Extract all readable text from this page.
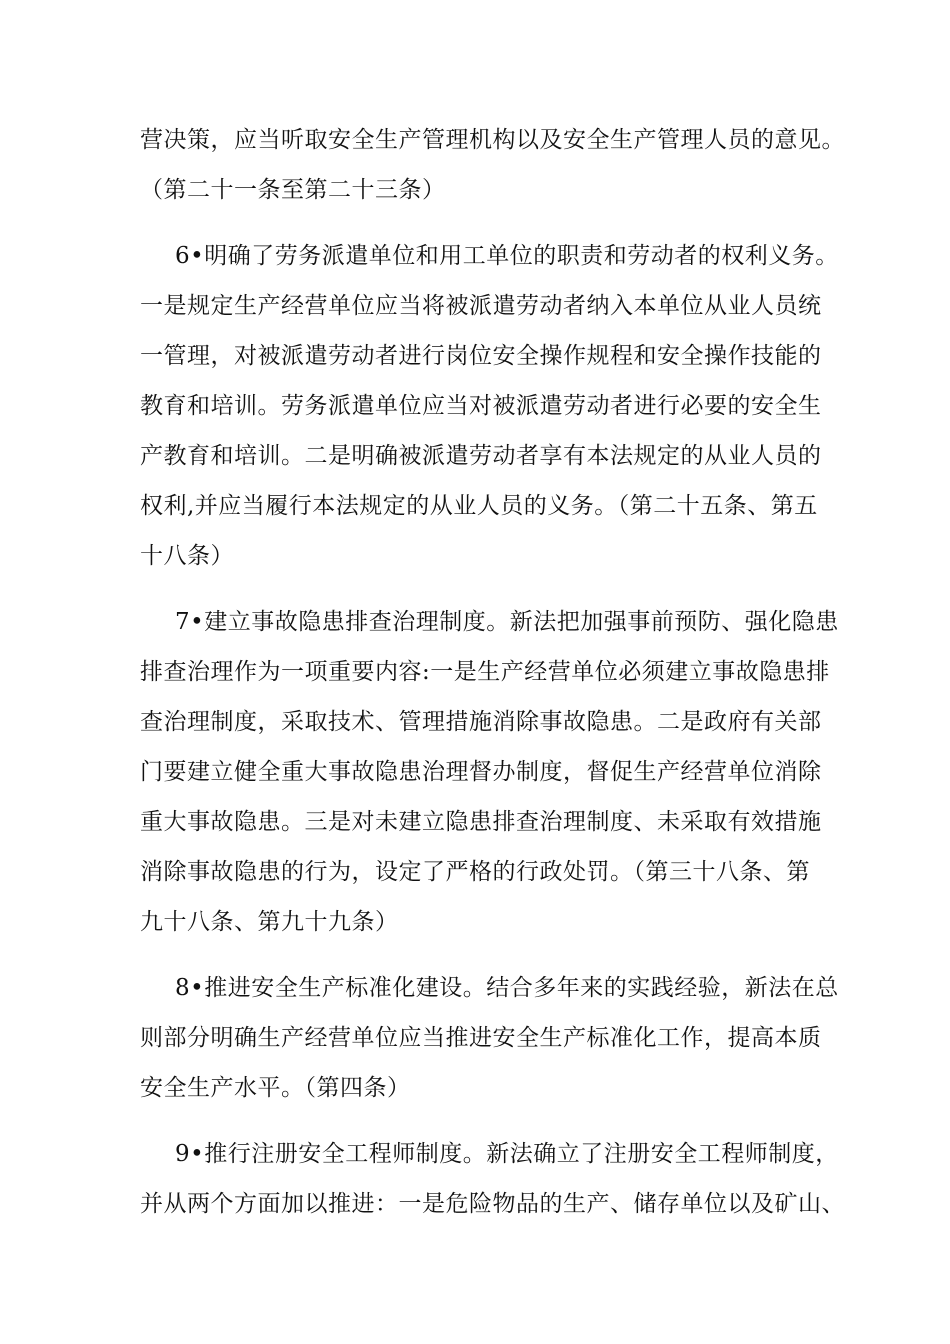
营决策，应当听取安全生产管理机构以及安全生产管理人员的意见。
（第二十一条至第二十三条）
6•明确了劳务派遣单位和用工单位的职责和劳动者的权利义务。
一是规定生产经营单位应当将被派遣劳动者纳入本单位从业人员统
一管理，对被派遣劳动者进行岗位安全操作规程和安全操作技能的
教育和培训。劳务派遣单位应当对被派遣劳动者进行必要的安全生
产教育和培训。二是明确被派遣劳动者享有本法规定的从业人员的
权利,并应当履行本法规定的从业人员的义务。（第二十五条、第五
十八条）
7•建立事故隐患排查治理制度。新法把加强事前预防、强化隐患
排查治理作为一项重要内容:一是生产经营单位必须建立事故隐患排
查治理制度，采取技术、管理措施消除事故隐患。二是政府有关部
门要建立健全重大事故隐患治理督办制度，督促生产经营单位消除
重大事故隐患。三是对未建立隐患排查治理制度、未采取有效措施
消除事故隐患的行为，设定了严格的行政处罚。（第三十八条、第
九十八条、第九十九条）
8•推进安全生产标准化建设。结合多年来的实践经验，新法在总
则部分明确生产经营单位应当推进安全生产标准化工作，提高本质
安全生产水平。（第四条）
9•推行注册安全工程师制度。新法确立了注册安全工程师制度，
并从两个方面加以推进：一是危险物品的生产、储存单位以及矿山、
